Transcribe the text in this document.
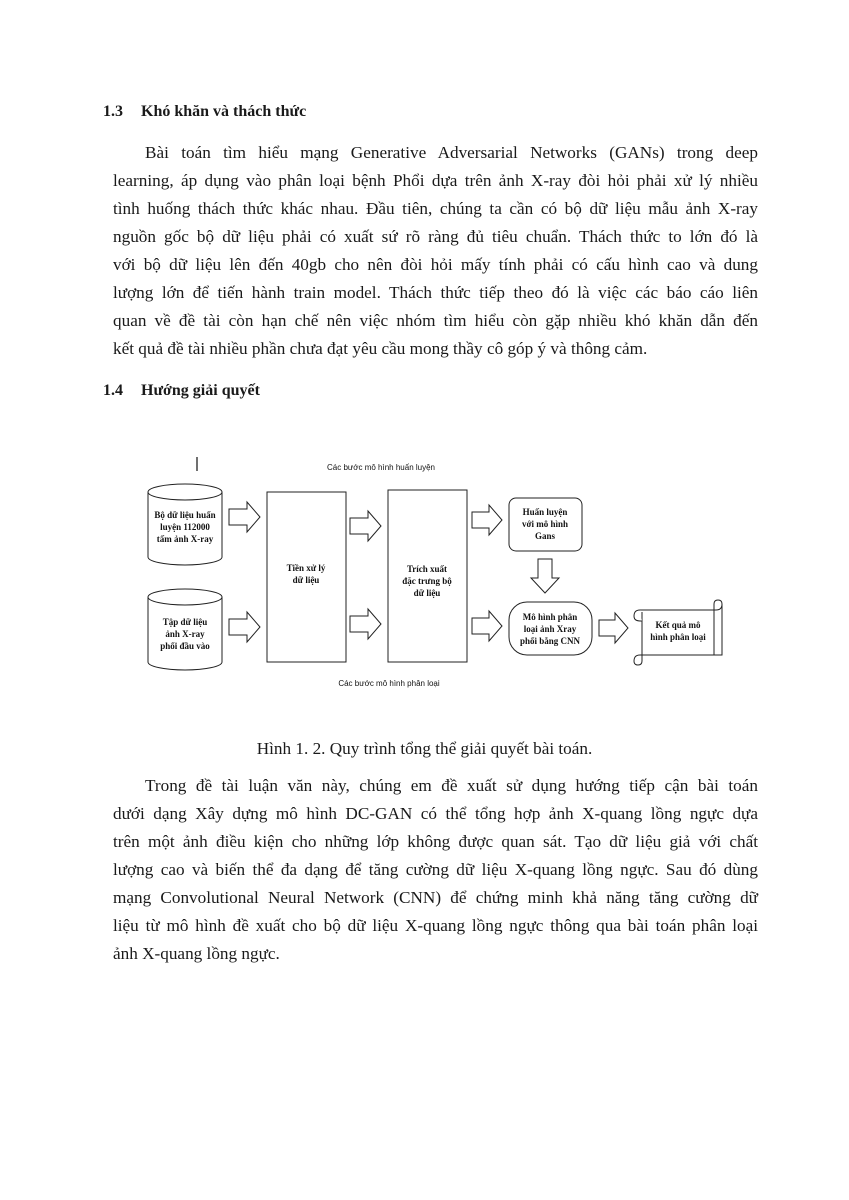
1.3 Khó khăn và thách thức

Bài toán tìm hiểu mạng Generative Adversarial Networks (GANs) trong deep
learning, áp dụng vào phân loại bệnh Phổi dựa trên ảnh X-ray đòi hỏi phải xử lý nhiều
tình huống thách thức khác nhau. Đầu tiên, chúng ta cần có bộ dữ liệu mẫu ảnh X-ray
nguồn gốc bộ dữ liệu phải có xuất sứ rõ ràng đủ tiêu chuẩn. Thách thức to lớn đó là
với bộ dữ liệu lên đến 40gb cho nên đòi hỏi mấy tính phải có cấu hình cao và dung
lượng lớn để tiến hành train model. Thách thức tiếp theo đó là việc các báo cáo liên
quan về đề tài còn hạn chế nên việc nhóm tìm hiểu còn gặp nhiều khó khăn dẫn đến
kết quả đề tài nhiều phần chưa đạt yêu cầu mong thầy cô góp ý và thông cảm.

1.4 Hướng giải quyết
Các bước mô hình huấn luyện
Các bước mô hình phân loại
Bộ dữ liệu huấn
luyện 112000
tấm ảnh X-ray
Tập dữ liệu
ảnh X-ray
phổi đầu vào
Tiền xử lý
dữ liệu
Trích xuất
đặc trưng bộ
dữ liệu
Huấn luyện
với mô hình
Gans
Mô hình phân
loại ảnh Xray
phổi bằng CNN
Kết quả mô
hình phân loại
Hình 1. 2. Quy trình tổng thể giải quyết bài toán.

Trong đề tài luận văn này, chúng em đề xuất sử dụng hướng tiếp cận bài toán
dưới dạng Xây dựng mô hình DC-GAN có thể tổng hợp ảnh X-quang lồng ngực dựa
trên một ảnh điều kiện cho những lớp không được quan sát. Tạo dữ liệu giả với chất
lượng cao và biến thể đa dạng để tăng cường dữ liệu X-quang lồng ngực. Sau đó dùng
mạng Convolutional Neural Network (CNN) để chứng minh khả năng tăng cường dữ
liệu từ mô hình đề xuất cho bộ dữ liệu X-quang lồng ngực thông qua bài toán phân loại
ảnh X-quang lồng ngực.
